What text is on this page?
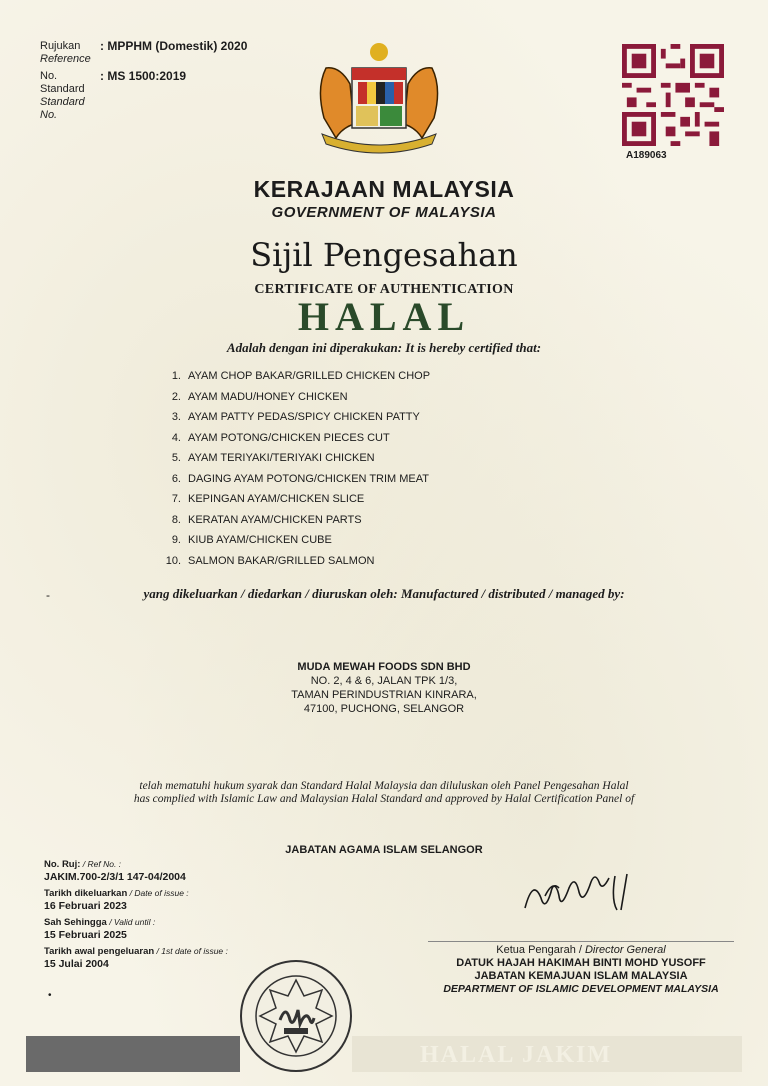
Rujukan
Reference
: MPPHM (Domestik) 2020
No. Standard
Standard No.
: MS 1500:2019
A189063
KERAJAAN MALAYSIA
GOVERNMENT OF MALAYSIA
Sijil Pengesahan
CERTIFICATE OF AUTHENTICATION
HALAL
Adalah dengan ini diperakukan: It is hereby certified that:
1. AYAM CHOP BAKAR/GRILLED CHICKEN CHOP
2. AYAM MADU/HONEY CHICKEN
3. AYAM PATTY PEDAS/SPICY CHICKEN PATTY
4. AYAM POTONG/CHICKEN PIECES CUT
5. AYAM TERIYAKI/TERIYAKI CHICKEN
6. DAGING AYAM POTONG/CHICKEN TRIM MEAT
7. KEPINGAN AYAM/CHICKEN SLICE
8. KERATAN AYAM/CHICKEN PARTS
9. KIUB AYAM/CHICKEN CUBE
10. SALMON BAKAR/GRILLED SALMON
-	yang dikeluarkan / diedarkan / diuruskan oleh: Manufactured / distributed / managed by:
MUDA MEWAH FOODS SDN BHD
NO. 2, 4 & 6, JALAN TPK 1/3,
TAMAN PERINDUSTRIAN KINRARA,
47100, PUCHONG, SELANGOR
telah mematuhi hukum syarak dan Standard Halal Malaysia dan diluluskan oleh Panel Pengesahan Halal
has complied with Islamic Law and Malaysian Halal Standard and approved by Halal Certification Panel of
JABATAN AGAMA ISLAM SELANGOR
No. Ruj: / Ref No. :
JAKIM.700-2/3/1 147-04/2004
Tarikh dikeluarkan / Date of issue :
16 Februari 2023
Sah Sehingga / Valid until :
15 Februari 2025
Tarikh awal pengeluaran / 1st date of issue :
15 Julai 2004
Ketua Pengarah / Director General
DATUK HAJAH HAKIMAH BINTI MOHD YUSOFF
JABATAN KEMAJUAN ISLAM MALAYSIA
DEPARTMENT OF ISLAMIC DEVELOPMENT MALAYSIA
•
HALAL JAKIM
